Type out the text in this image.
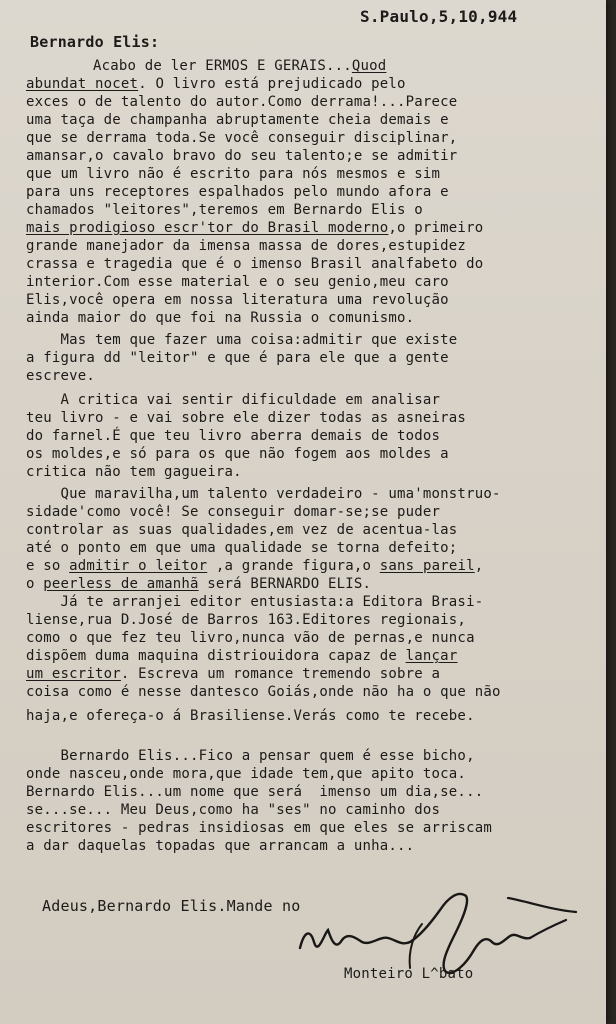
S.Paulo,5,10,944

Bernardo Elis:

Acabo de ler ERMOS E GERAIS...Quod

abundat nocet. O livro está prejudicado pelo

exces o de talento do autor.Como derrama!...Parece

uma taça de champanha abruptamente cheia demais e

que se derrama toda.Se você conseguir disciplinar,

amansar,o cavalo bravo do seu talento;e se admitir

que um livro não é escrito para nós mesmos e sim

para uns receptores espalhados pelo mundo afora e

chamados "leitores",teremos em Bernardo Elis o

mais prodigioso escr'tor do Brasil moderno,o primeiro

grande manejador da imensa massa de dores,estupidez

crassa e tragedia que é o imenso Brasil analfabeto do

interior.Com esse material e o seu genio,meu caro

Elis,você opera em nossa literatura uma revolução

ainda maior do que foi na Russia o comunismo.

Mas tem que fazer uma coisa:admitir que existe

a figura dd "leitor" e que é para ele que a gente

escreve.

A critica vai sentir dificuldade em analisar

teu livro - e vai sobre ele dizer todas as asneiras

do farnel.É que teu livro aberra demais de todos

os moldes,e só para os que não fogem aos moldes a

critica não tem gagueira.

Que maravilha,um talento verdadeiro - uma'monstruo-

sidade'como você! Se conseguir domar-se;se puder

controlar as suas qualidades,em vez de acentua-las

até o ponto em que uma qualidade se torna defeito;

e so admitir o leitor ,a grande figura,o sans pareil,

o peerless de amanhã será BERNARDO ELIS.

Já te arranjei editor entusiasta:a Editora Brasi-

liense,rua D.José de Barros 163.Editores regionais,

como o que fez teu livro,nunca vão de pernas,e nunca

dispõem duma maquina distriouidora capaz de lançar

um escritor. Escreva um romance tremendo sobre a

coisa como é nesse dantesco Goiás,onde não ha o que não

haja,e ofereça-o á Brasiliense.Verás como te recebe.

Bernardo Elis...Fico a pensar quem é esse bicho,

onde nasceu,onde mora,que idade tem,que apito toca.

Bernardo Elis...um nome que será  imenso um dia,se...

se...se... Meu Deus,como ha "ses" no caminho dos

escritores - pedras insidiosas em que eles se arriscam

a dar daquelas topadas que arrancam a unha...

Adeus,Bernardo Elis.Mande no

Monteiro L^bato
